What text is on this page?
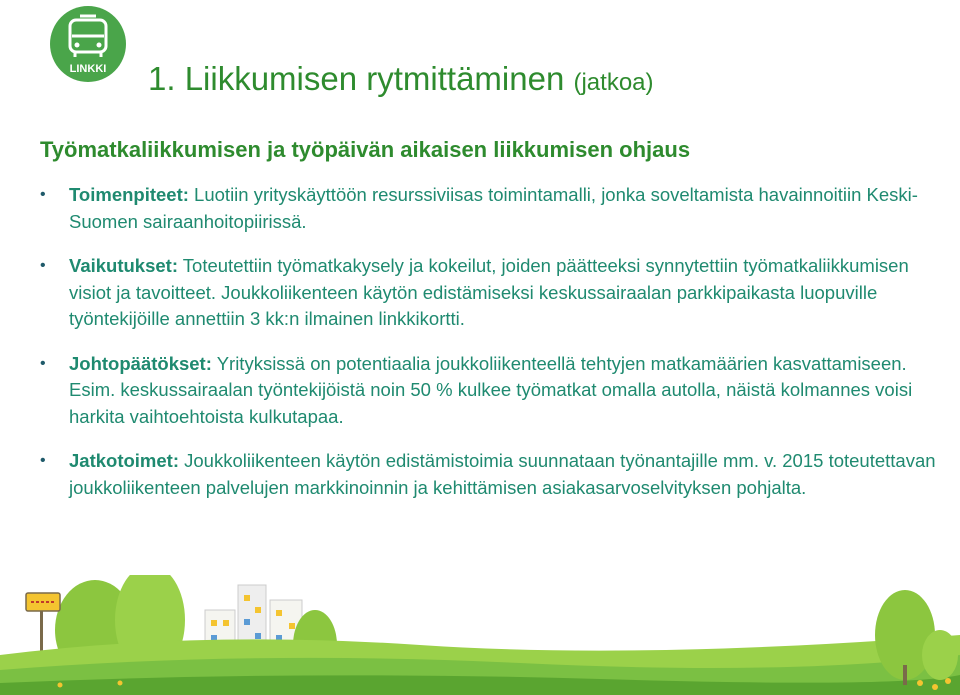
LINKKI 1. Liikkumisen rytmittäminen (jatkoa)
Työmatkaliikkumisen ja työpäivän aikaisen liikkumisen ohjaus
• Toimenpiteet: Luotiin yrityskäyttöön resurssiviisas toimintamalli, jonka soveltamista havainnoitiin Keski-Suomen sairaanhoitopiirissä.
• Vaikutukset: Toteutettiin työmatkakysely ja kokeilut, joiden päätteeksi synnytettiin työmatkaliikkumisen visiot ja tavoitteet. Joukkoliikenteen käytön edistämiseksi keskussairaalan parkkipaikasta luopuville työntekijöille annettiin 3 kk:n ilmainen linkkikortti.
• Johtopäätökset: Yrityksissä on potentiaalia joukkoliikenteellä tehtyjen matkamäärien kasvattamiseen. Esim. keskussairaalan työntekijöistä noin 50 % kulkee työmatkat omalla autolla, näistä kolmannes voisi harkita vaihtoehtoista kulkutapaa.
• Jatkotoimet: Joukkoliikenteen käytön edistämistoimia suunnataan työnantajille mm. v. 2015 toteutettavan joukkoliikenteen palvelujen markkinoinnin ja kehittämisen asiakasarvoselvityksen pohjalta.
